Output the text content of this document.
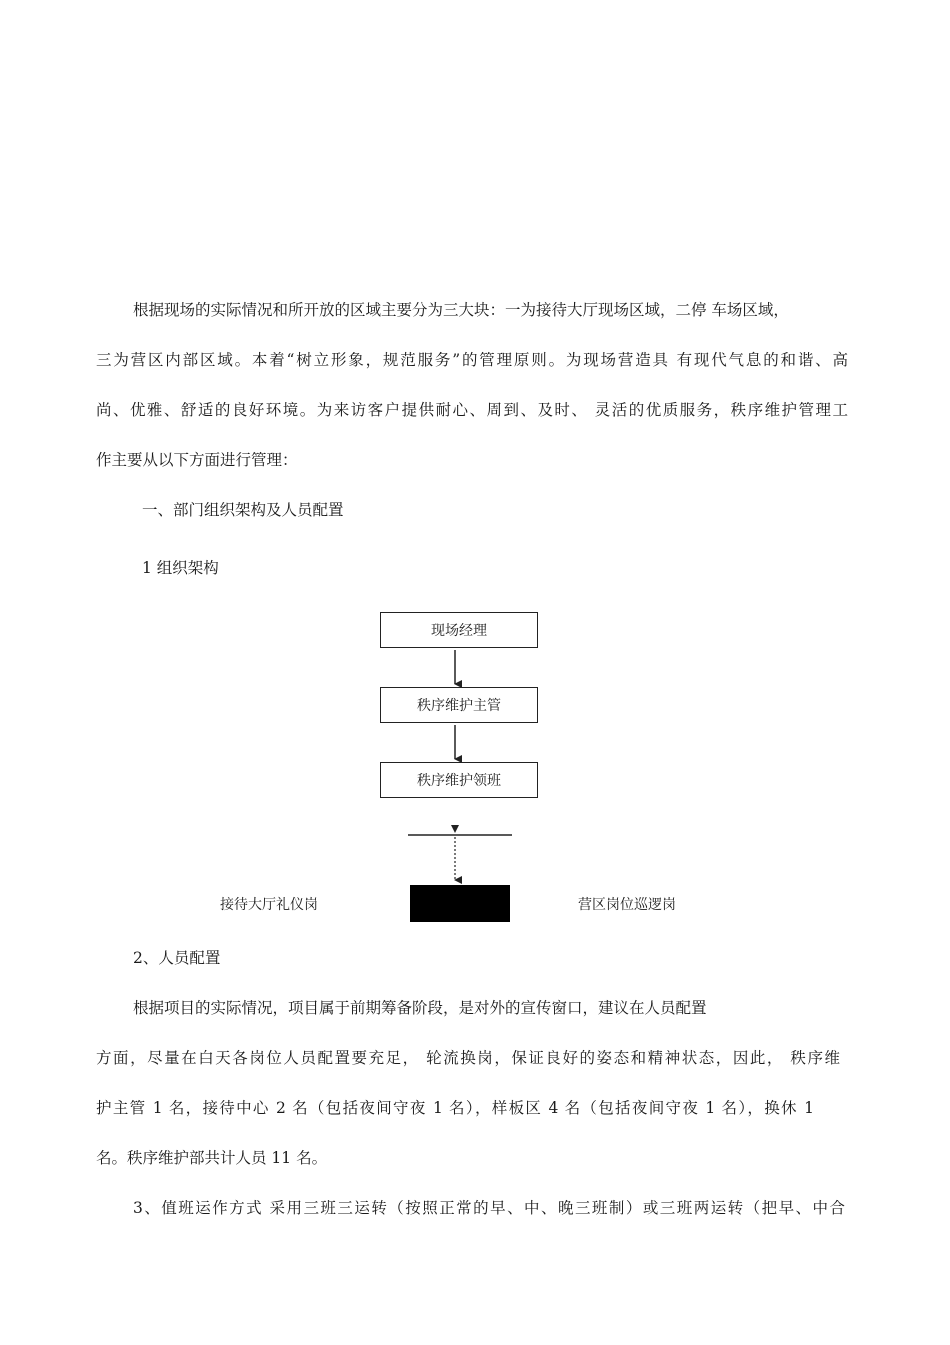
根据现场的实际情况和所开放的区域主要分为三大块：一为接待大厅现场区域，二停 车场区域，
三为营区内部区域。本着“树立形象，规范服务”的管理原则。为现场营造具 有现代气息的和谐、高
尚、优雅、舒适的良好环境。为来访客户提供耐心、周到、及时、 灵活的优质服务，秩序维护管理工
作主要从以下方面进行管理：
一、部门组织架构及人员配置
1 组织架构
现场经理
秩序维护主管
秩序维护领班
接待大厅礼仪岗	营区岗位巡逻岗
2、人员配置
根据项目的实际情况，项目属于前期筹备阶段，是对外的宣传窗口，建议在人员配置
方面，尽量在白天各岗位人员配置要充足， 轮流换岗，保证良好的姿态和精神状态，因此， 秩序维
护主管 1 名，接待中心 2 名（包括夜间守夜 1 名），样板区 4 名（包括夜间守夜 1 名），换休 1
名。秩序维护部共计人员 11 名。
3、值班运作方式 采用三班三运转（按照正常的早、中、晚三班制）或三班两运转（把早、中合
